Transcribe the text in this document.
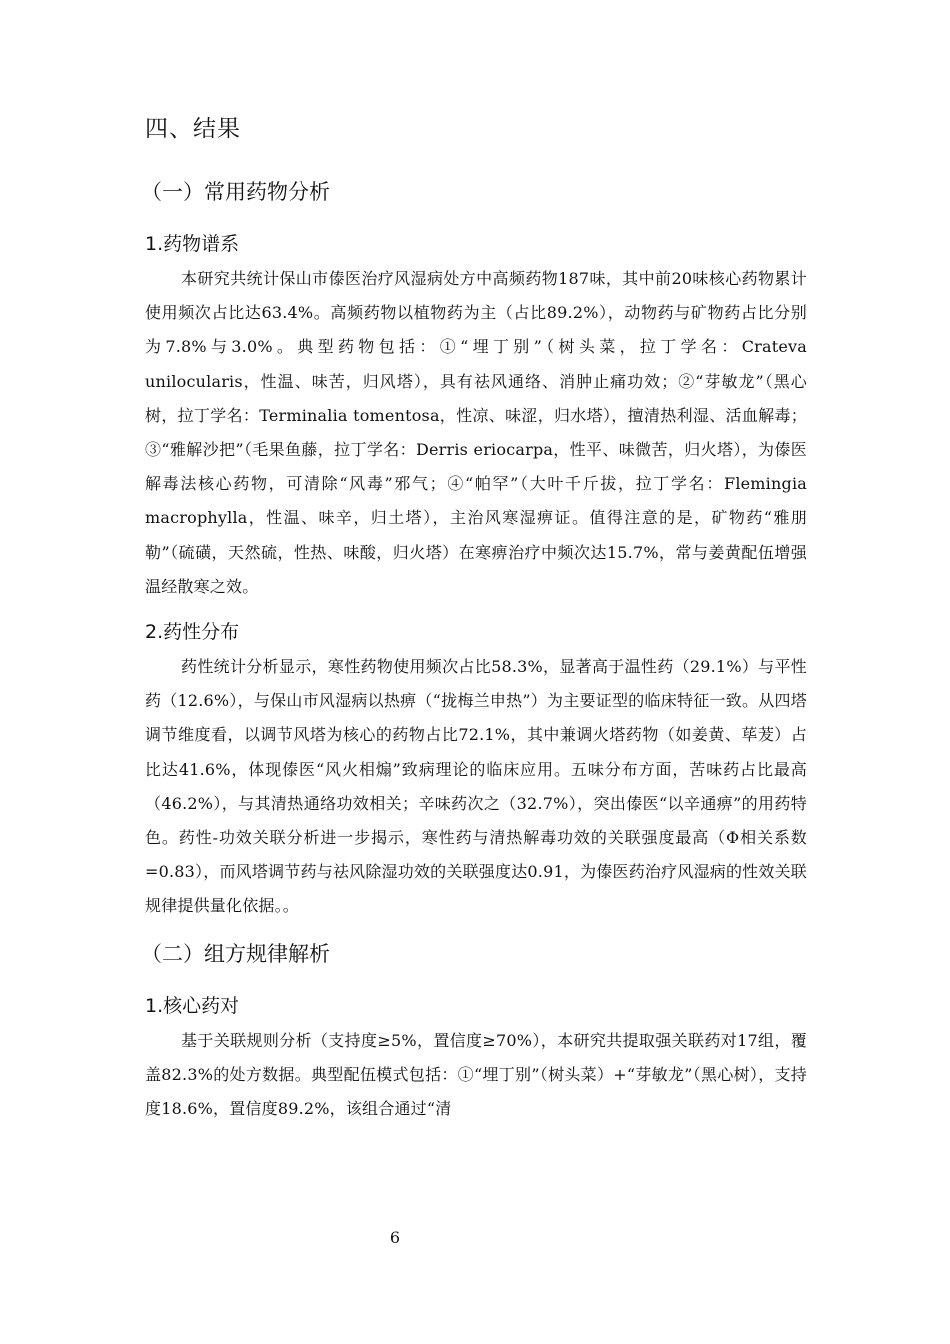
四、结果
（一）常用药物分析
1.药物谱系

本研究共统计保山市傣医治疗风湿病处方中高频药物187味，其中前20味核心药物累计使用频次占比达63.4%。高频药物以植物药为主（占比89.2%），动物药与矿物药占比分别为7.8%与3.0%。典型药物包括：①“埋丁别”（树头菜，拉丁学名：Crateva unilocularis，性温、味苦，归风塔），具有祛风通络、消肿止痛功效；②“芽敏龙”（黑心树，拉丁学名：Terminalia tomentosa，性凉、味涩，归水塔），擅清热利湿、活血解毒；③“雅解沙把”（毛果鱼藤，拉丁学名：Derris eriocarpa，性平、味微苦，归火塔），为傣医解毒法核心药物，可清除“风毒”邪气；④“帕罕”（大叶千斤拔，拉丁学名：Flemingia macrophylla，性温、味辛，归土塔），主治风寒湿痹证。值得注意的是，矿物药“雅朋勒”（硫磺，天然硫，性热、味酸，归火塔）在寒痹治疗中频次达15.7%，常与姜黄配伍增强温经散寒之效。

2.药性分布

药性统计分析显示，寒性药物使用频次占比58.3%，显著高于温性药（29.1%）与平性药（12.6%），与保山市风湿病以热痹（“拢梅兰申热”）为主要证型的临床特征一致。从四塔调节维度看，以调节风塔为核心的药物占比72.1%，其中兼调火塔药物（如姜黄、荜茇）占比达41.6%，体现傣医“风火相煽”致病理论的临床应用。五味分布方面，苦味药占比最高（46.2%），与其清热通络功效相关；辛味药次之（32.7%），突出傣医“以辛通痹”的用药特色。药性-功效关联分析进一步揭示，寒性药与清热解毒功效的关联强度最高（Φ相关系数=0.83），而风塔调节药与祛风除湿功效的关联强度达0.91，为傣医药治疗风湿病的性效关联规律提供量化依据。。

（二）组方规律解析
1.核心药对

基于关联规则分析（支持度≥5%，置信度≥70%），本研究共提取强关联药对17组，覆盖82.3%的处方数据。典型配伍模式包括：①“埋丁别”（树头菜）+“芽敏龙”（黑心树），支持度18.6%，置信度89.2%，该组合通过“清

6
